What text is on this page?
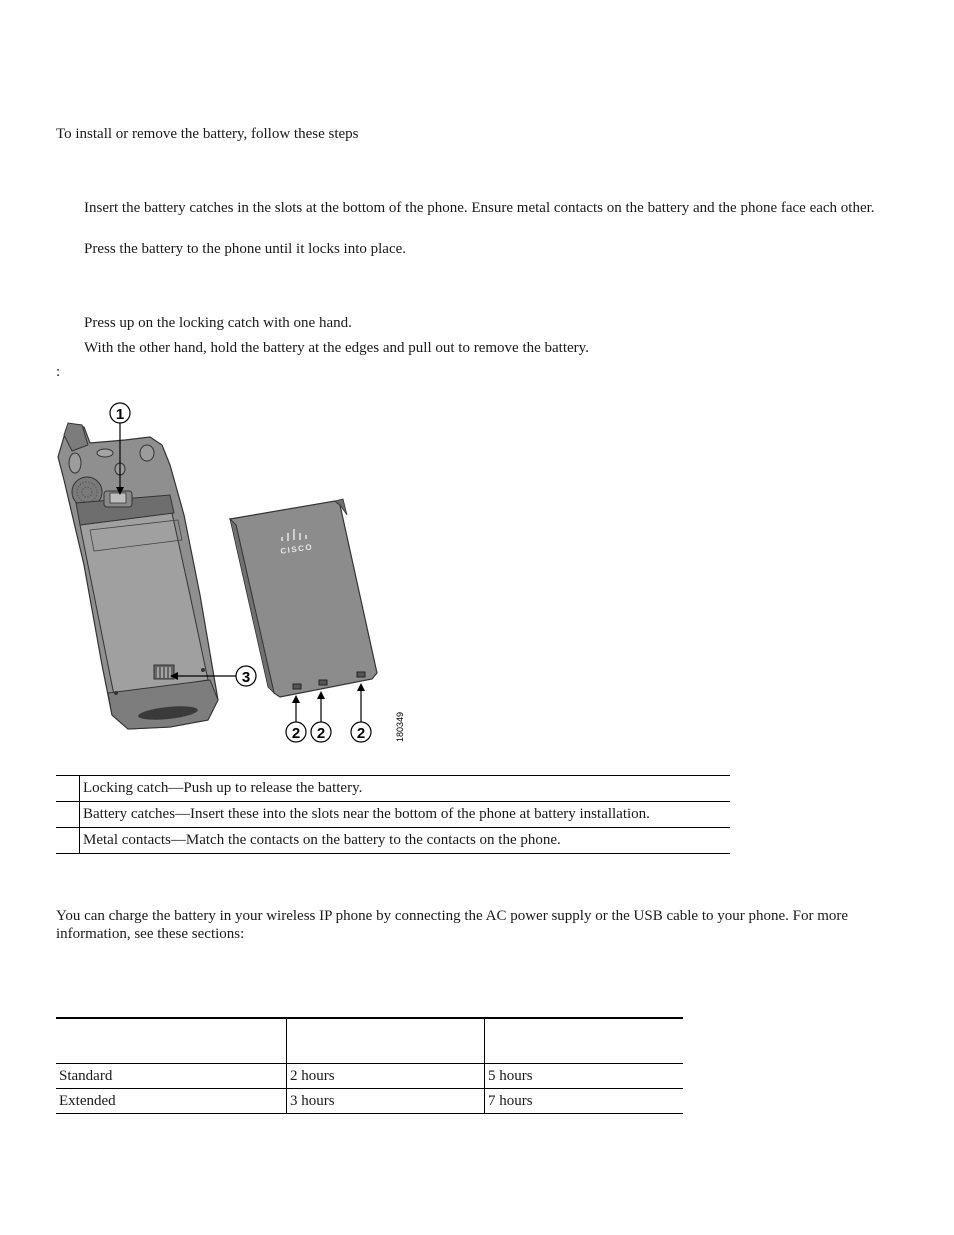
To install or remove the battery, follow these steps
Insert the battery catches in the slots at the bottom of the phone. Ensure metal contacts on the battery and the phone face each other.
Press the battery to the phone until it locks into place.
Press up on the locking catch with one hand.
With the other hand, hold the battery at the edges and pull out to remove the battery.
:
CISCO
1
3
2 2 2	180349
	Locking catch—Push up to release the battery.
	Battery catches—Insert these into the slots near the bottom of the phone at battery installation.
	Metal contacts—Match the contacts on the battery to the contacts on the phone.
You can charge the battery in your wireless IP phone by connecting the AC power supply or the USB cable to your phone. For more information, see these sections:

Standard	2 hours	5 hours
Extended	3 hours	7 hours
